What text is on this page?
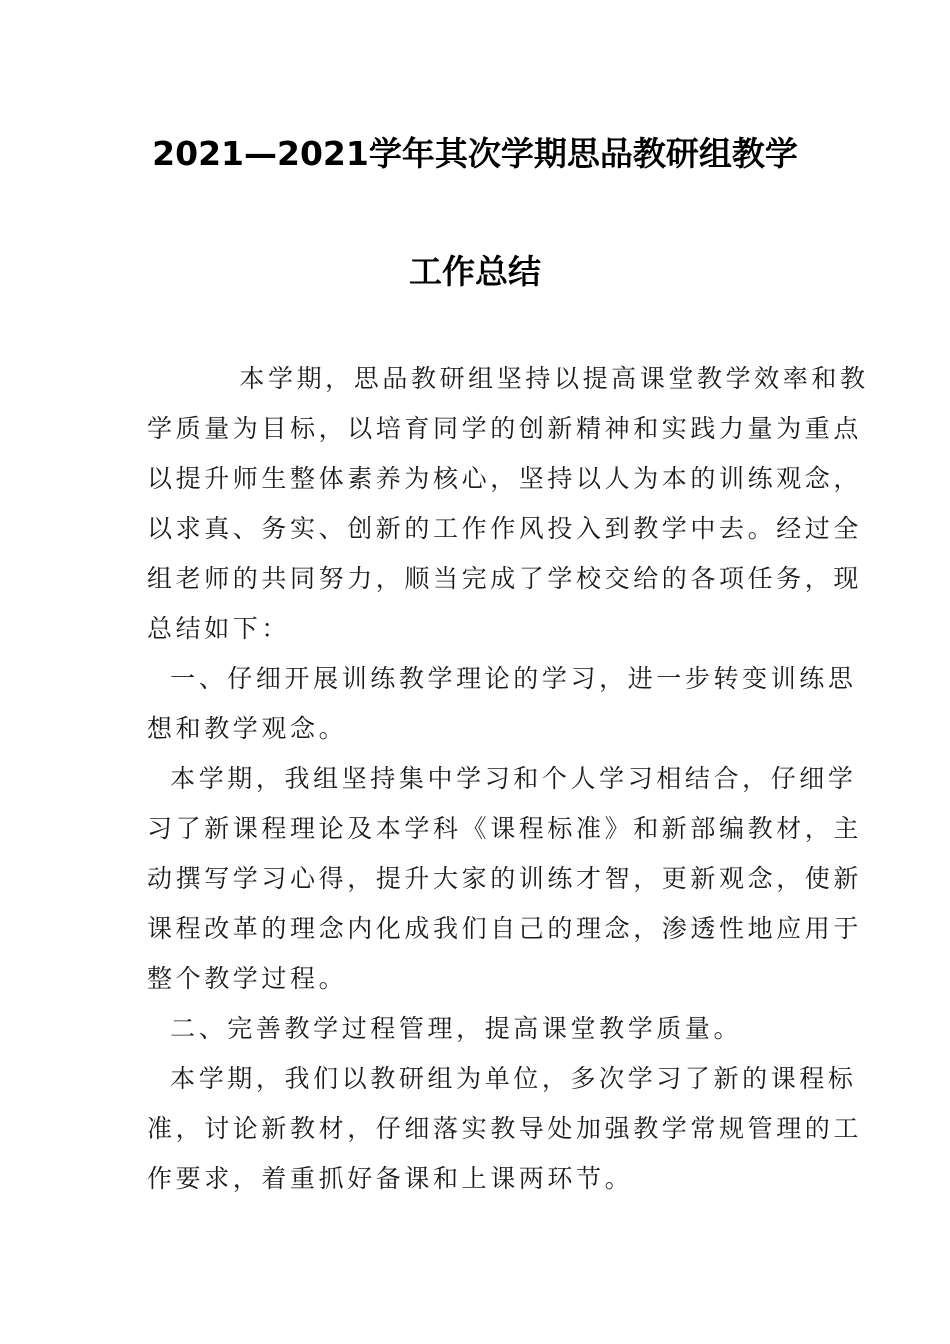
2021—2021学年其次学期思品教研组教学
工作总结
本学期，思品教研组坚持以提高课堂教学效率和教
学质量为目标，以培育同学的创新精神和实践力量为重点
以提升师生整体素养为核心，坚持以人为本的训练观念，
以求真、务实、创新的工作作风投入到教学中去。经过全
组老师的共同努力，顺当完成了学校交给的各项任务，现
总结如下：
一、仔细开展训练教学理论的学习，进一步转变训练思
想和教学观念。
本学期，我组坚持集中学习和个人学习相结合，仔细学
习了新课程理论及本学科《课程标准》和新部编教材，主
动撰写学习心得，提升大家的训练才智，更新观念，使新
课程改革的理念内化成我们自己的理念，渗透性地应用于
整个教学过程。
二、完善教学过程管理，提高课堂教学质量。
本学期，我们以教研组为单位，多次学习了新的课程标
准，讨论新教材，仔细落实教导处加强教学常规管理的工
作要求，着重抓好备课和上课两环节。
